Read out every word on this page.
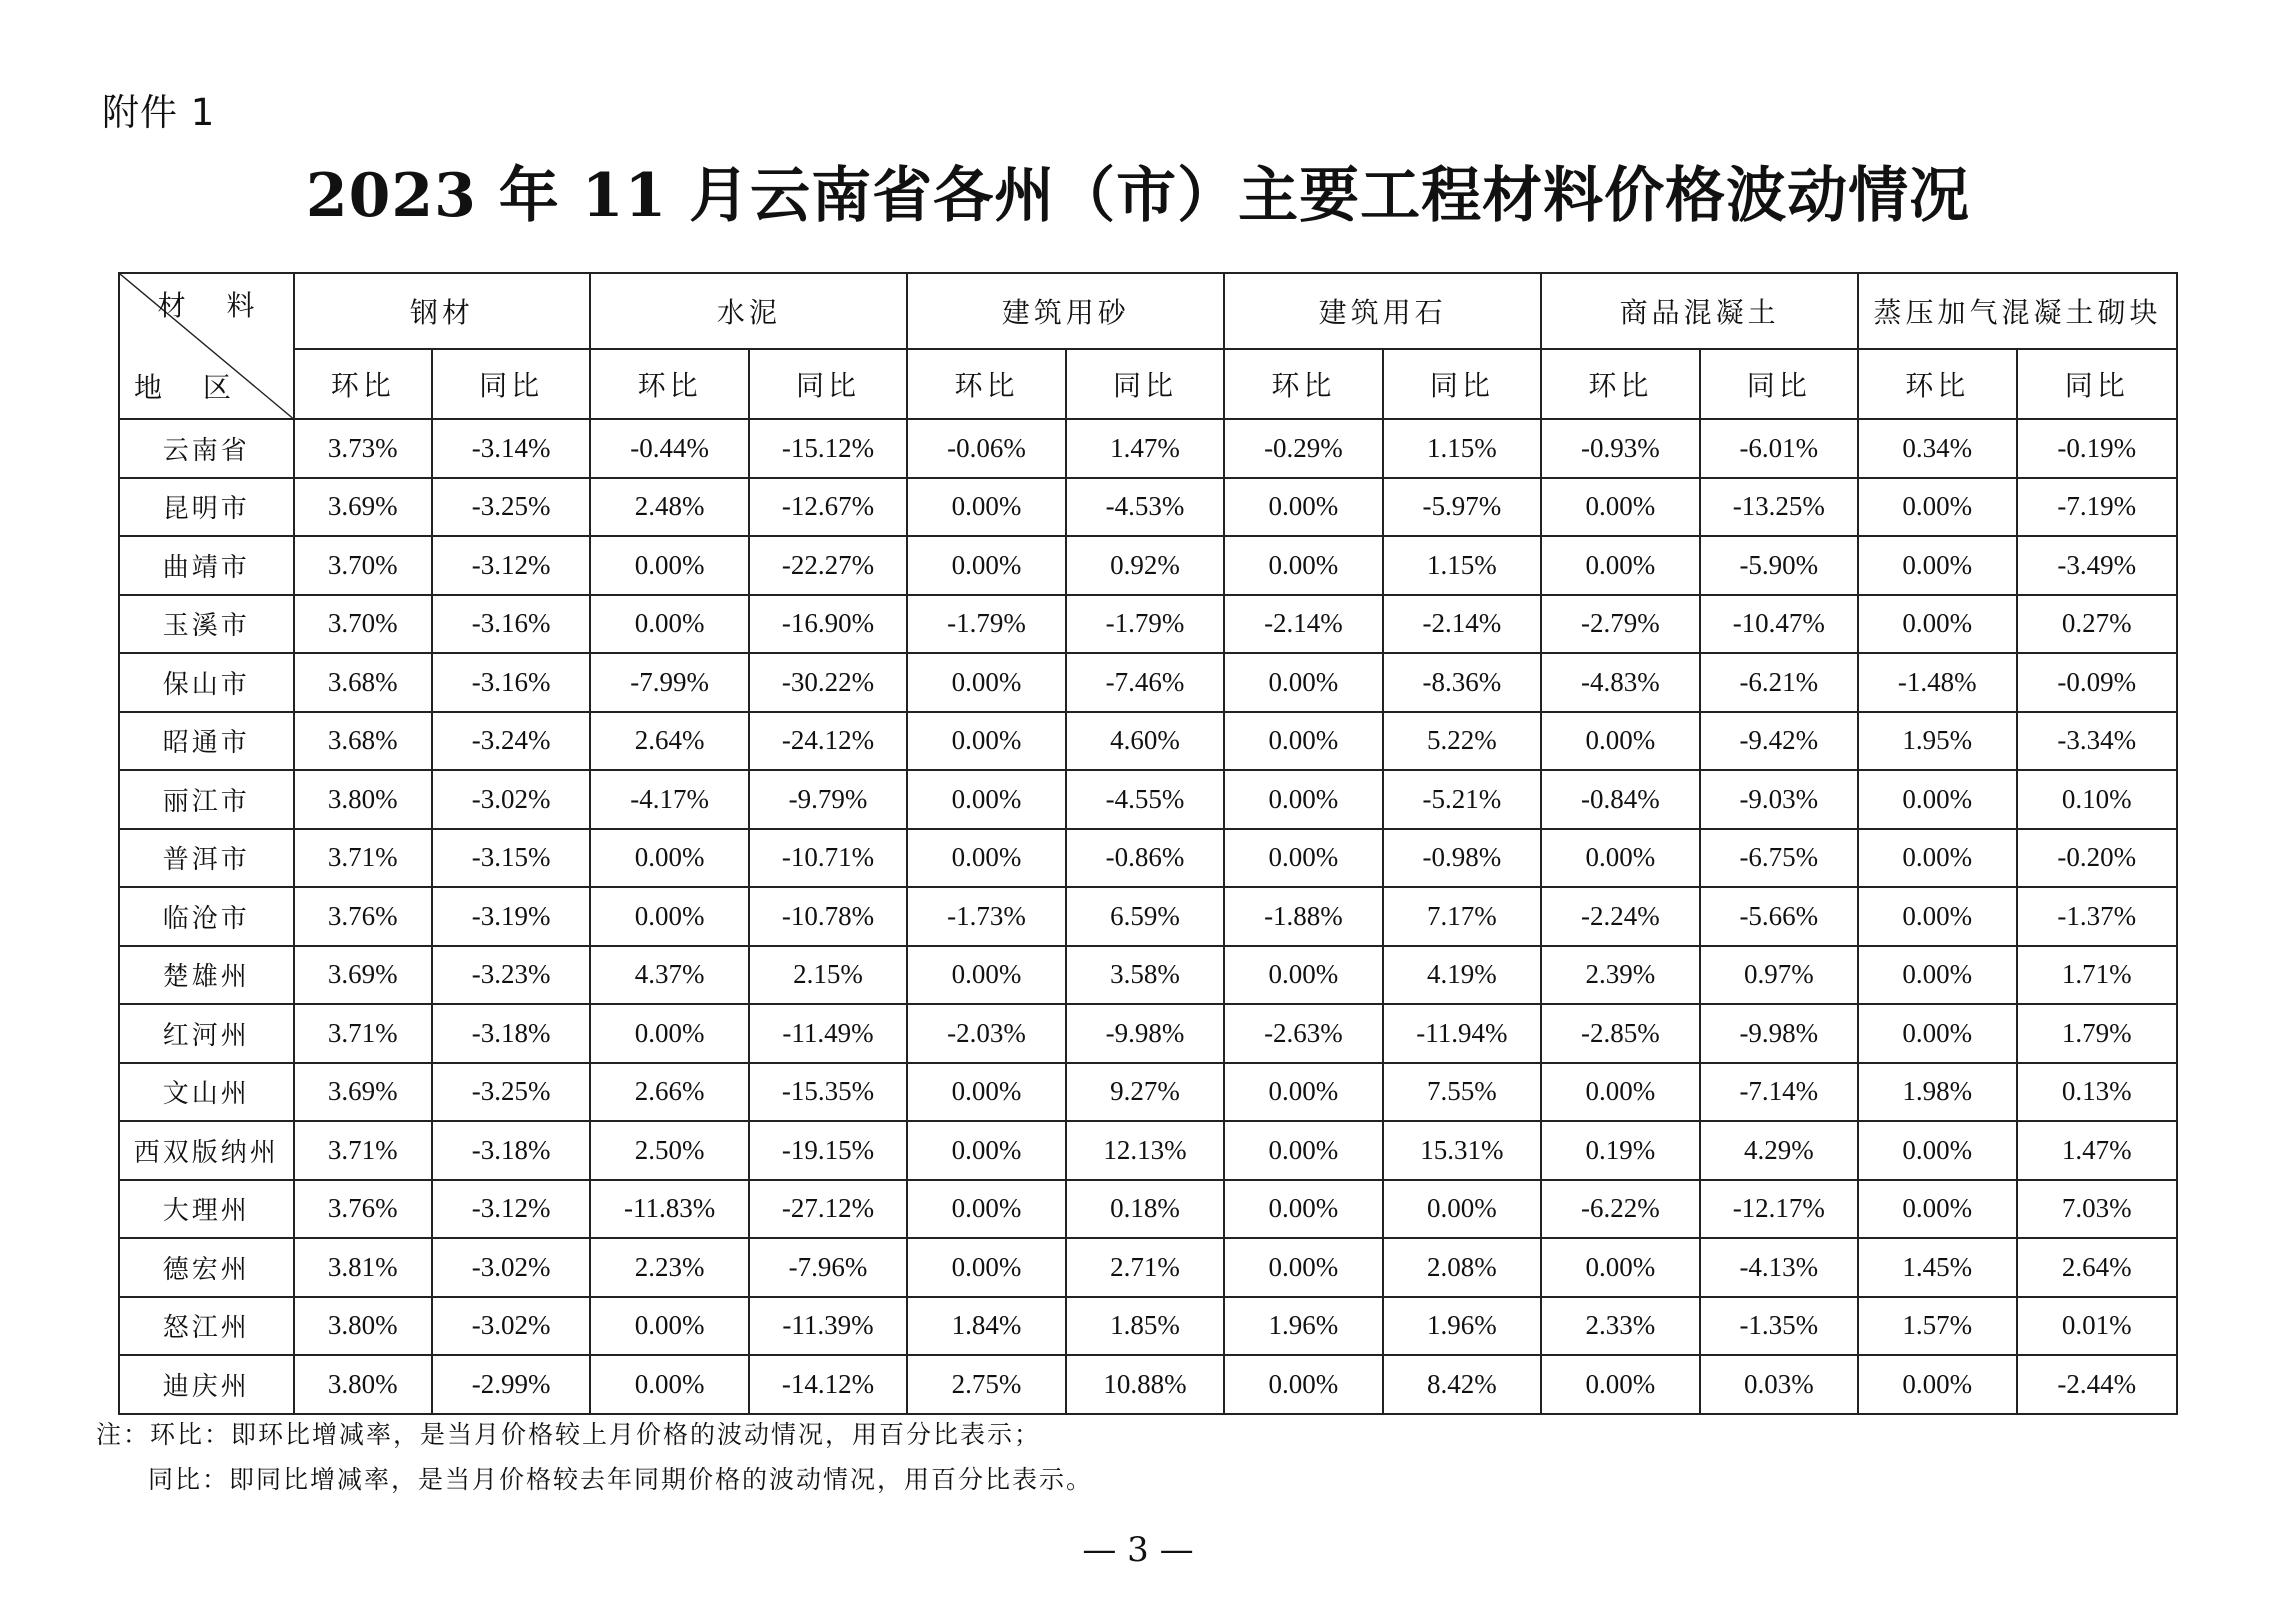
附件 1
2023 年 11 月云南省各州（市）主要工程材料价格波动情况
材 料
地 区	钢材		水泥		建筑用砂		建筑用石		商品混凝土		蒸压加气混凝土砌块	
	环比	同比	环比	同比	环比	同比	环比	同比	环比	同比	环比	同比
云南省	3.73%	-3.14%	-0.44%	-15.12%	-0.06%	1.47%	-0.29%	1.15%	-0.93%	-6.01%	0.34%	-0.19%
昆明市	3.69%	-3.25%	2.48%	-12.67%	0.00%	-4.53%	0.00%	-5.97%	0.00%	-13.25%	0.00%	-7.19%
曲靖市	3.70%	-3.12%	0.00%	-22.27%	0.00%	0.92%	0.00%	1.15%	0.00%	-5.90%	0.00%	-3.49%
玉溪市	3.70%	-3.16%	0.00%	-16.90%	-1.79%	-1.79%	-2.14%	-2.14%	-2.79%	-10.47%	0.00%	0.27%
保山市	3.68%	-3.16%	-7.99%	-30.22%	0.00%	-7.46%	0.00%	-8.36%	-4.83%	-6.21%	-1.48%	-0.09%
昭通市	3.68%	-3.24%	2.64%	-24.12%	0.00%	4.60%	0.00%	5.22%	0.00%	-9.42%	1.95%	-3.34%
丽江市	3.80%	-3.02%	-4.17%	-9.79%	0.00%	-4.55%	0.00%	-5.21%	-0.84%	-9.03%	0.00%	0.10%
普洱市	3.71%	-3.15%	0.00%	-10.71%	0.00%	-0.86%	0.00%	-0.98%	0.00%	-6.75%	0.00%	-0.20%
临沧市	3.76%	-3.19%	0.00%	-10.78%	-1.73%	6.59%	-1.88%	7.17%	-2.24%	-5.66%	0.00%	-1.37%
楚雄州	3.69%	-3.23%	4.37%	2.15%	0.00%	3.58%	0.00%	4.19%	2.39%	0.97%	0.00%	1.71%
红河州	3.71%	-3.18%	0.00%	-11.49%	-2.03%	-9.98%	-2.63%	-11.94%	-2.85%	-9.98%	0.00%	1.79%
文山州	3.69%	-3.25%	2.66%	-15.35%	0.00%	9.27%	0.00%	7.55%	0.00%	-7.14%	1.98%	0.13%
西双版纳州	3.71%	-3.18%	2.50%	-19.15%	0.00%	12.13%	0.00%	15.31%	0.19%	4.29%	0.00%	1.47%
大理州	3.76%	-3.12%	-11.83%	-27.12%	0.00%	0.18%	0.00%	0.00%	-6.22%	-12.17%	0.00%	7.03%
德宏州	3.81%	-3.02%	2.23%	-7.96%	0.00%	2.71%	0.00%	2.08%	0.00%	-4.13%	1.45%	2.64%
怒江州	3.80%	-3.02%	0.00%	-11.39%	1.84%	1.85%	1.96%	1.96%	2.33%	-1.35%	1.57%	0.01%
迪庆州	3.80%	-2.99%	0.00%	-14.12%	2.75%	10.88%	0.00%	8.42%	0.00%	0.03%	0.00%	-2.44%
注：环比：即环比增减率，是当月价格较上月价格的波动情况，用百分比表示；
同比：即同比增减率，是当月价格较去年同期价格的波动情况，用百分比表示。
— 3 —
